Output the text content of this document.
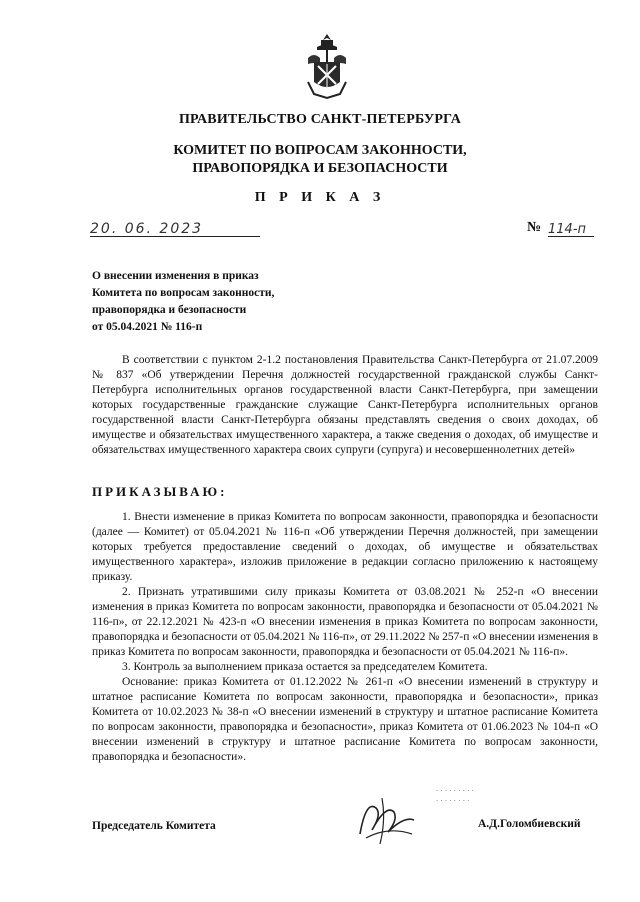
ПРАВИТЕЛЬСТВО САНКТ-ПЕТЕРБУРГА
КОМИТЕТ ПО ВОПРОСАМ ЗАКОННОСТИ,
ПРАВОПОРЯДКА И БЕЗОПАСНОСТИ
П Р И К А З
20. 06. 2023	№ 114-п
О внесении изменения в приказ
Комитета по вопросам законности,
правопорядка и безопасности
от 05.04.2021 № 116-п

В соответствии с пунктом 2-1.2 постановления Правительства Санкт-Петербурга от 21.07.2009 № 837 «Об утверждении Перечня должностей государственной гражданской службы Санкт-Петербурга исполнительных органов государственной власти Санкт-Петербурга, при замещении которых государственные гражданские служащие Санкт-Петербурга исполнительных органов государственной власти Санкт-Петербурга обязаны представлять сведения о своих доходах, об имуществе и обязательствах имущественного характера, а также сведения о доходах, об имуществе и обязательствах имущественного характера своих супруги (супруга) и несовершеннолетних детей»

ПРИКАЗЫВАЮ:

1. Внести изменение в приказ Комитета по вопросам законности, правопорядка и безопасности (далее — Комитет) от 05.04.2021 № 116-п «Об утверждении Перечня должностей, при замещении которых требуется предоставление сведений о доходах, об имуществе и обязательствах имущественного характера», изложив приложение в редакции согласно приложению к настоящему приказу.

2. Признать утратившими силу приказы Комитета от 03.08.2021 № 252-п «О внесении изменения в приказ Комитета по вопросам законности, правопорядка и безопасности от 05.04.2021 № 116-п», от 22.12.2021 № 423-п «О внесении изменения в приказ Комитета по вопросам законности, правопорядка и безопасности от 05.04.2021 № 116-п», от 29.11.2022 № 257-п «О внесении изменения в приказ Комитета по вопросам законности, правопорядка и безопасности от 05.04.2021 № 116-п».

3. Контроль за выполнением приказа остается за председателем Комитета.

Основание: приказ Комитета от 01.12.2022 № 261-п «О внесении изменений в структуру и штатное расписание Комитета по вопросам законности, правопорядка и безопасности», приказ Комитета от 10.02.2023 № 38-п «О внесении изменений в структуру и штатное расписание Комитета по вопросам законности, правопорядка и безопасности», приказ Комитета от 01.06.2023 № 104-п «О внесении изменений в структуру и штатное расписание Комитета по вопросам законности, правопорядка и безопасности».

· · · · · · · · ·
· · · · · · · ·
Председатель Комитета	А.Д.Голомбиевский
